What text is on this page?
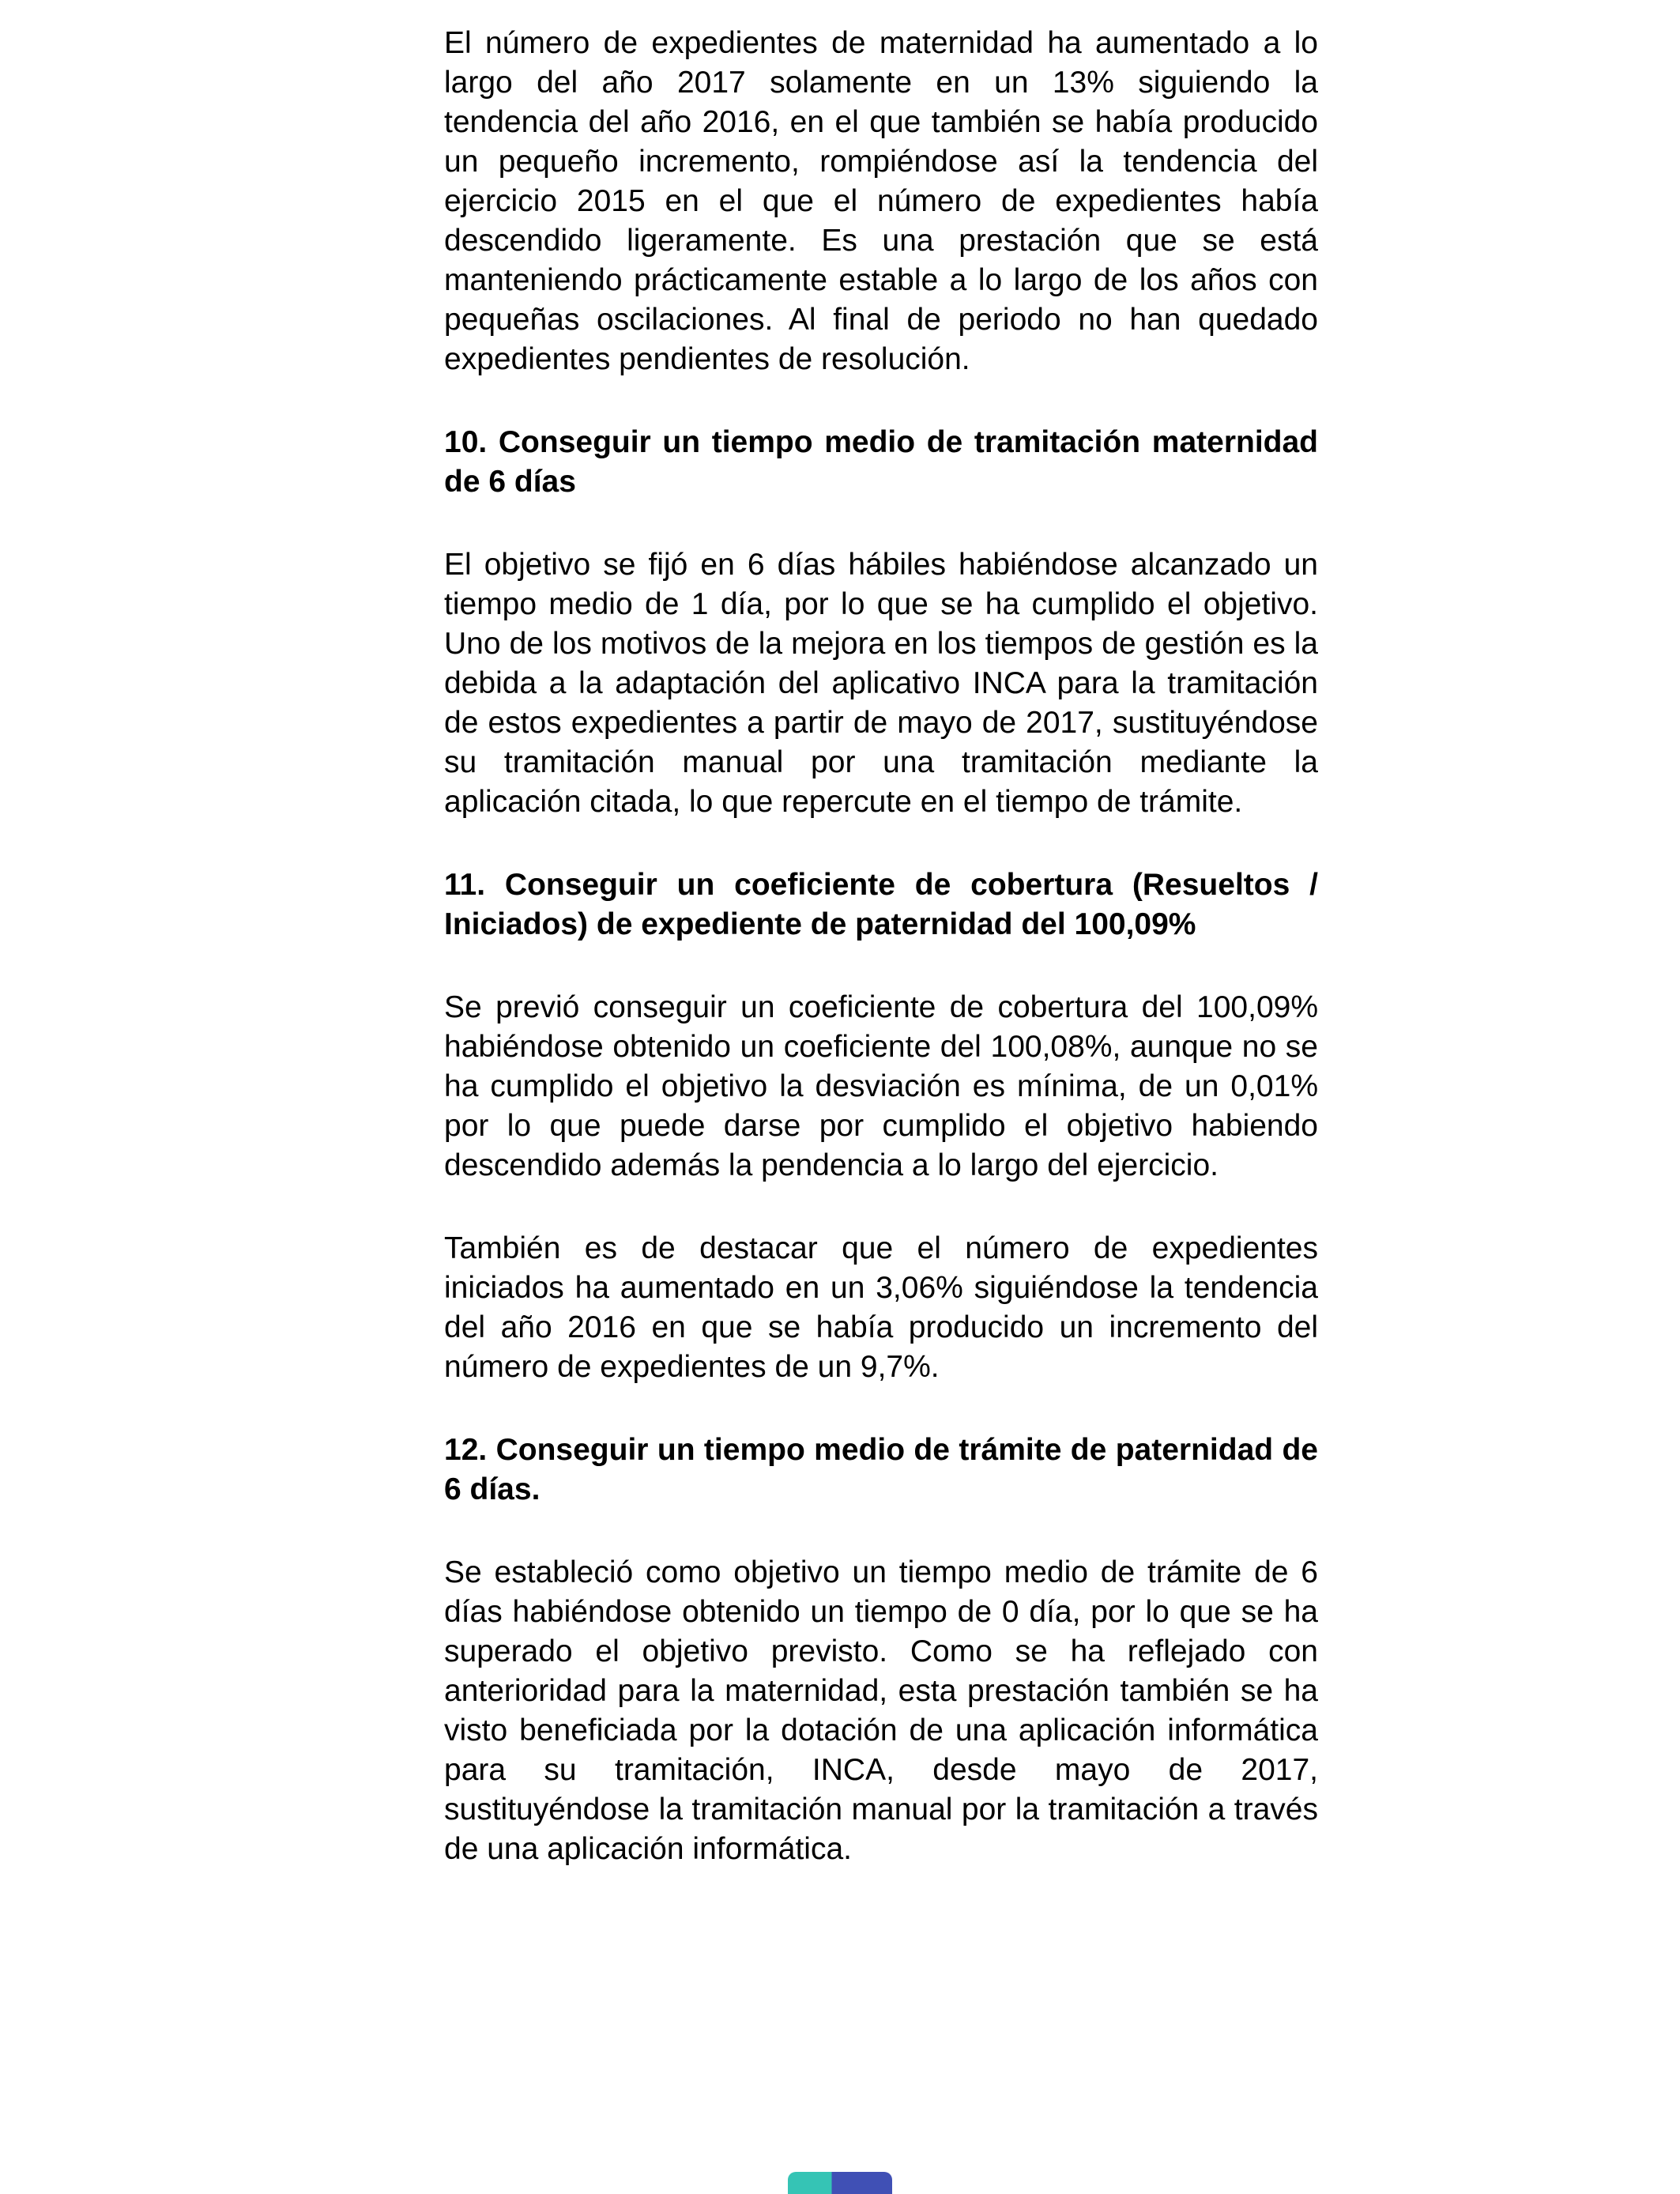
El número de expedientes de maternidad ha aumentado a lo largo del año 2017 solamente en un 13% siguiendo la tendencia del año 2016, en el que también se había producido un pequeño incremento, rompiéndose así la tendencia del ejercicio 2015 en el que el número de expedientes había descendido ligeramente. Es una prestación que se está manteniendo prácticamente estable a lo largo de los años con pequeñas oscilaciones. Al final de periodo no han quedado expedientes pendientes de resolución.

10. Conseguir un tiempo medio de tramitación maternidad de 6 días

El objetivo se fijó en 6 días hábiles habiéndose alcanzado un tiempo medio de 1 día, por lo que se ha cumplido el objetivo. Uno de los motivos de la mejora en los tiempos de gestión es la debida a la adaptación del aplicativo INCA para la tramitación de estos expedientes a partir de mayo de 2017, sustituyéndose su tramitación manual por una tramitación mediante la aplicación citada, lo que repercute en el tiempo de trámite.

11. Conseguir un coeficiente de cobertura (Resueltos / Iniciados) de expediente de paternidad del 100,09%

Se previó conseguir un coeficiente de cobertura del 100,09% habiéndose obtenido un coeficiente del 100,08%, aunque no se ha cumplido el objetivo la desviación es mínima, de un 0,01% por lo que puede darse por cumplido el objetivo habiendo descendido además la pendencia a lo largo del ejercicio.

También es de destacar que el número de expedientes iniciados ha aumentado en un 3,06% siguiéndose la tendencia del año 2016 en que se había producido un incremento del número de expedientes de un 9,7%.

12. Conseguir un tiempo medio de trámite de paternidad de 6 días.

Se estableció como objetivo un tiempo medio de trámite de 6 días habiéndose obtenido un tiempo de 0 día, por lo que se ha superado el objetivo previsto. Como se ha reflejado con anterioridad para la maternidad, esta prestación también se ha visto beneficiada por la dotación de una aplicación informática para su tramitación, INCA, desde mayo de 2017, sustituyéndose la tramitación manual por la tramitación a través de una aplicación informática.
